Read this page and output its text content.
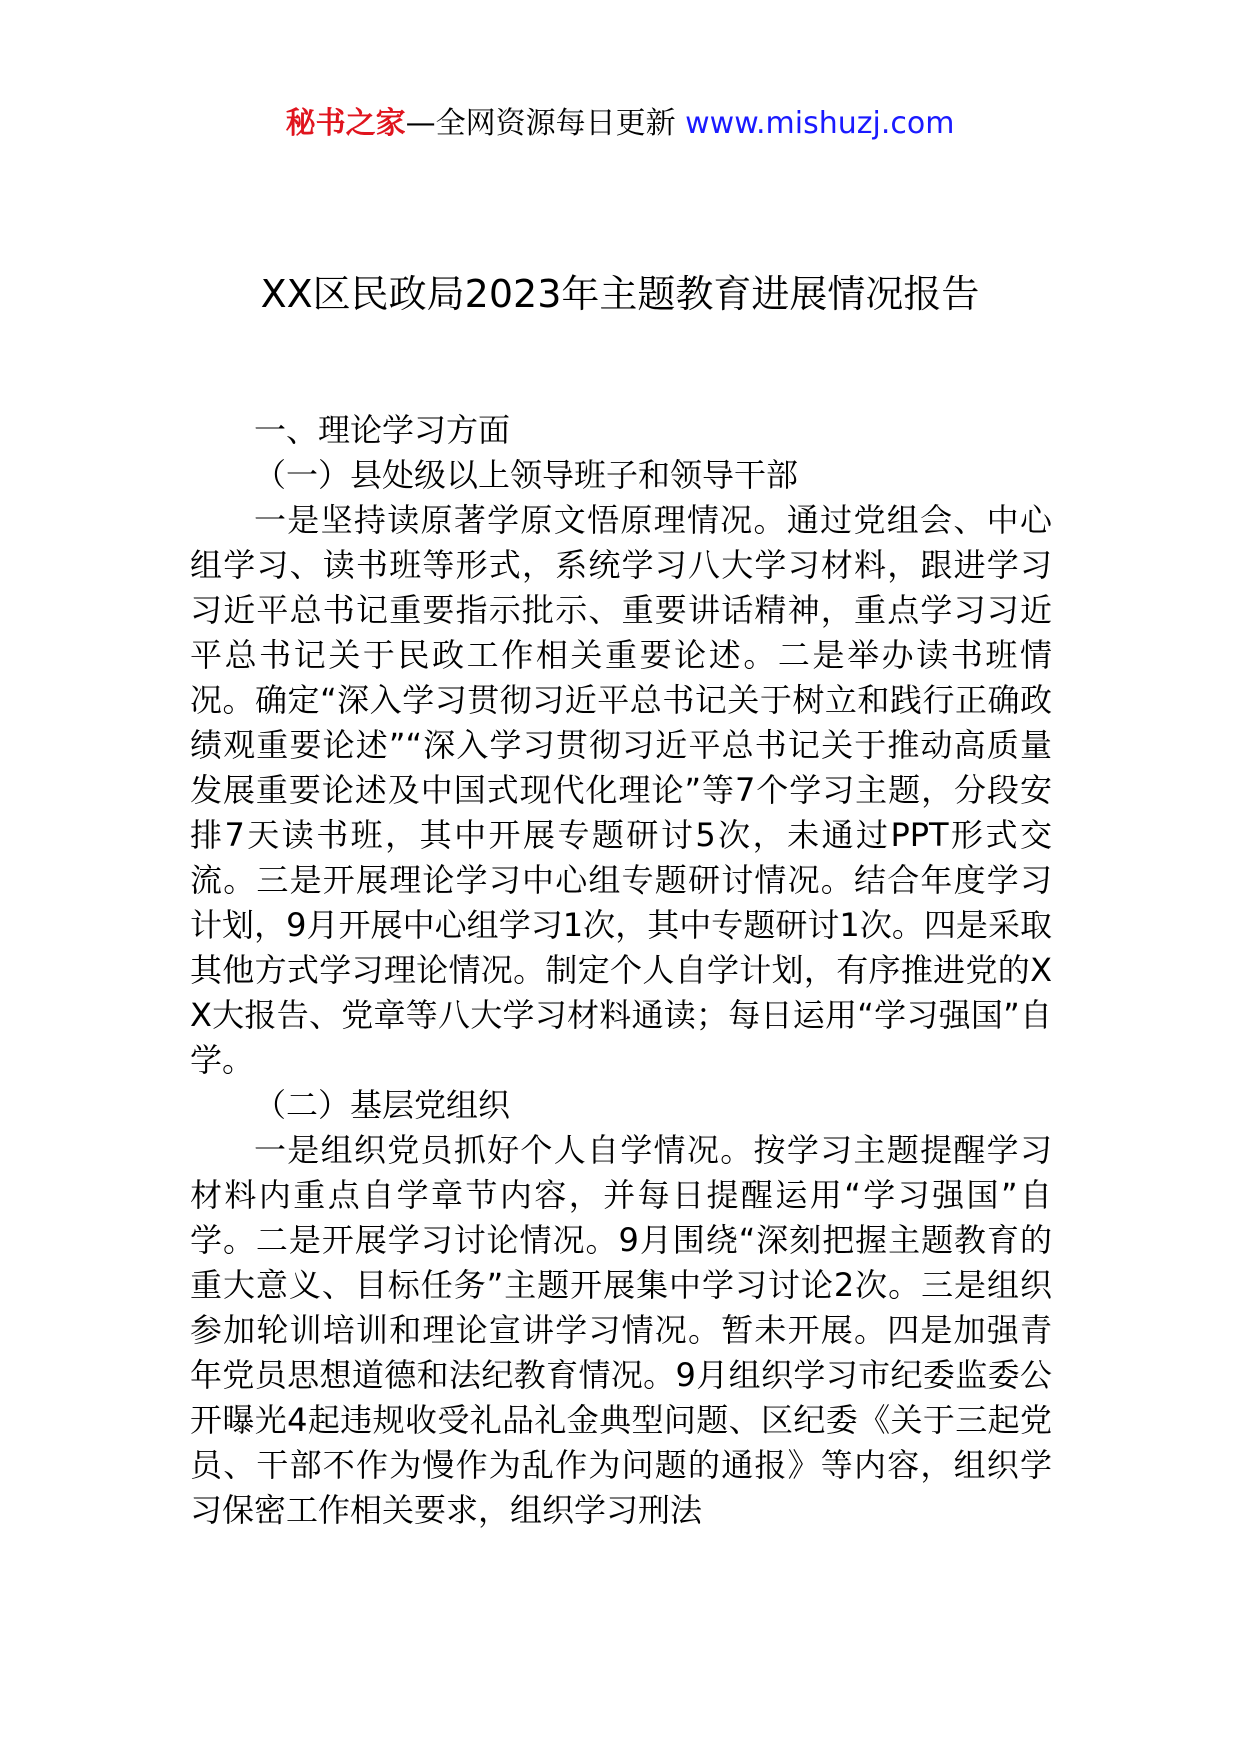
秘书之家—全网资源每日更新 www.mishuzj.com
XX区民政局2023年主题教育进展情况报告

一、理论学习方面

（一）县处级以上领导班子和领导干部

一是坚持读原著学原文悟原理情况。通过党组会、中心组学习、读书班等形式，系统学习八大学习材料，跟进学习习近平总书记重要指示批示、重要讲话精神，重点学习习近平总书记关于民政工作相关重要论述。二是举办读书班情况。确定“深入学习贯彻习近平总书记关于树立和践行正确政绩观重要论述”“深入学习贯彻习近平总书记关于推动高质量发展重要论述及中国式现代化理论”等7个学习主题，分段安排7天读书班，其中开展专题研讨5次，未通过PPT形式交流。三是开展理论学习中心组专题研讨情况。结合年度学习计划，9月开展中心组学习1次，其中专题研讨1次。四是采取其他方式学习理论情况。制定个人自学计划，有序推进党的XX大报告、党章等八大学习材料通读；每日运用“学习强国”自学。

（二）基层党组织

一是组织党员抓好个人自学情况。按学习主题提醒学习材料内重点自学章节内容，并每日提醒运用“学习强国”自学。二是开展学习讨论情况。9月围绕“深刻把握主题教育的重大意义、目标任务”主题开展集中学习讨论2次。三是组织参加轮训培训和理论宣讲学习情况。暂未开展。四是加强青年党员思想道德和法纪教育情况。9月组织学习市纪委监委公开曝光4起违规收受礼品礼金典型问题、区纪委《关于三起党员、干部不作为慢作为乱作为问题的通报》等内容，组织学习保密工作相关要求，组织学习刑法
